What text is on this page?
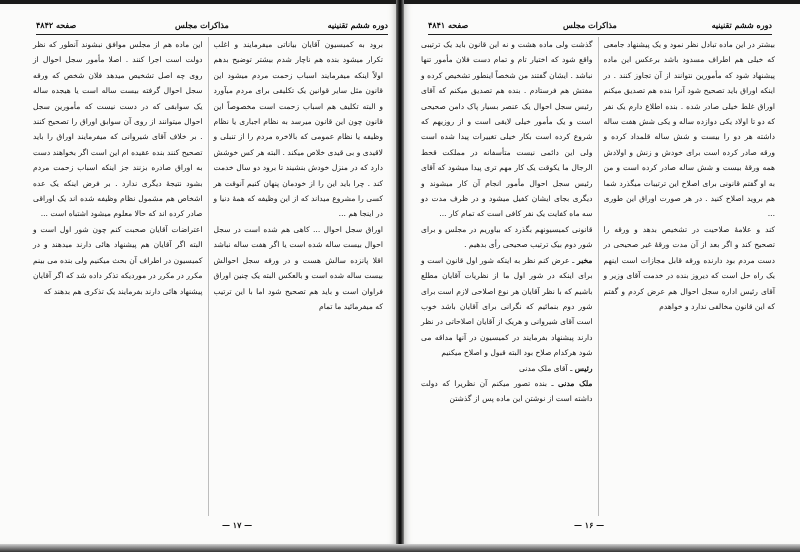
دوره ششم تقنینیه
مذاکرات مجلس
صفحه ۴۸۴۲

برود به کمیسیون آقایان بیاناتی میفرمایند و اغلب تکرار میشود بنده هم ناچار شدم بیشتر توضیح بدهم اولاً اینکه میفرمایند اسباب زحمت مردم میشود این قانون مثل سایر قوانین یک تکلیفی برای مردم میآورد و البته تکلیف هم اسباب زحمت است مخصوصاً این قانون چون این قانون میرسد به نظام اجباری یا نظام وظیفه یا نظام عمومی که بالاخره مردم را از تنبلی و لاقیدی و بی قیدی خلاص میکند . البته هر کس خوشش دارد که در منزل خودش بنشیند تا برود دو سال خدمت کند . چرا باید این را از خودمان پنهان کنیم آنوقت هر کسی را مشروع میداند که از این وظیفه که همهٔ دنیا و در اینجا هم ...

اوراق سجل احوال ... کاهی هم شده است در سجل احوال بیست ساله شده است یا اگر هفت ساله نباشد اقلا پانزده سالش هست و در ورقه سجل احوالش بیست ساله شده است و بالعکس البته یک چنین اوراق فراوان است و باید هم تصحیح شود اما با این ترتیب که میفرمائید ما تمام

این ماده هم از مجلس موافق نبشوند آنطور که نظر دولت است اجرا کنند . اصلا مأمور سجل احوال از روی چه اصل تشخیص میدهد فلان شخص که ورقه سجل احوال گرفته بیست ساله است یا هیجده ساله یک سوابقی که در دست نیست که مأمورین سجل احوال میتوانند از روی آن سوابق اوراق را تصحیح کنند . بر خلاف آقای شیروانی که میفرمایند اوراق را باید تصحیح کنند بنده عقیده ام این است اگر بخواهند دست به اوراق صادره بزنند جز اینکه اسباب زحمت مردم بشود نتیجهٔ دیگری ندارد . بر فرض اینکه یک عده اشخاص هم مشمول نظام وظیفه شده اند یک اوراقی صادر کرده اند که حالا معلوم میشود اشتباه است ...

اعتراضات آقایان صحبت کنم چون شور اول است و البته اگر آقایان هم پیشنهاد هائی دارند میدهند و در کمیسیون در اطراف آن بحث میکنیم ولی بنده می بینم مکرر در مکرر در موردیکه تذکر داده شد که اگر آقایان پیشنهاد هائی دارند بفرمایند یک تذکری هم بدهند که

— ۱۷ —
دوره ششم تقنینیه
مذاکرات مجلس
صفحه ۴۸۴۱

بیشتر در این ماده تبادل نظر نمود و یک پیشنهاد جامعی که خیلی هم اطراف مسدود باشد برعکس این ماده پیشنهاد شود که مأمورین نتوانند از آن تجاوز کنند . در اینکه اوراق باید تصحیح شود آنرا بنده هم تصدیق میکنم اوراق غلط خیلی صادر شده . بنده اطلاع دارم یک نفر که دو تا اولاد یکی دوازده ساله و یکی شش هفت ساله داشته هر دو را بیست و شش ساله قلمداد کرده و ورقه صادر کرده است برای خودش و زنش و اولادش همه ورقهٔ بیست و شش ساله صادر کرده است و من به او گفتم قانونی برای اصلاح این ترتیبات میگذرد شما هم بروید اصلاح کنید . در هر صورت اوراق این طوری ...

کند و علامهٔ صلاحیت در تشخیص بدهد و ورقه را تصحیح کند و اگر بعد از آن مدت ورقهٔ غیر صحیحی در دست مردم بود دارنده ورقه قابل مجازات است اینهم یک راه حل است که دیروز بنده در خدمت آقای وزیر و آقای رئیس اداره سجل احوال هم عرض کردم و گفتم که این قانون مخالفی ندارد و خواهدم

گذشت ولی ماده هشت و نه این قانون باید یک ترتیبی واقع شود که اختیار تام و تمام دست فلان مأمور تنها نباشد . ایشان گفتند من شخصاً اینطور تشخیص کرده و مفتش هم فرستادم . بنده هم تصدیق میکنم که آقای رئیس سجل احوال یک عنصر بسیار پاک دامن صحیحی است و یک مأمور خیلی لایقی است و از روزیهم که شروع کرده است بکار خیلی تغییرات پیدا شده است ولی این دائمی نیست متأسفانه در مملکت قحط الرجال ما یکوقت یک کار مهم تری پیدا میشود که آقای رئیس سجل احوال مأمور انجام آن کار میشوند و دیگری بجای ایشان کفیل میشود و در ظرف مدت دو سه ماه کفایت یک نفر کافی است که تمام کار ...

قانونی کمیسیونهم بگذرد که بیاوریم در مجلس و برای شور دوم بیک ترتیب صحیحی رأی بدهیم .

مخبر ـ عرض کنم نظر به اینکه شور اول قانون است و برای اینکه در شور اول ما از نظریات آقایان مطلع باشیم که با نظر آقایان هر نوع اصلاحی لازم است برای شور دوم بنمائیم که نگرانی برای آقایان باشد خوب است آقای شیروانی و هریک از آقایان اصلاحاتی در نظر دارند پیشنهاد بفرمایند در کمیسیون در آنها مداقه می شود هرکدام صلاح بود البته قبول و اصلاح میکنیم

رئیس ـ آقای ملک مدنی

ملک مدنی ـ بنده تصور میکنم آن نظریرا که دولت داشته است از نوشتن این ماده پس از گذشتن

— ۱۶ —
